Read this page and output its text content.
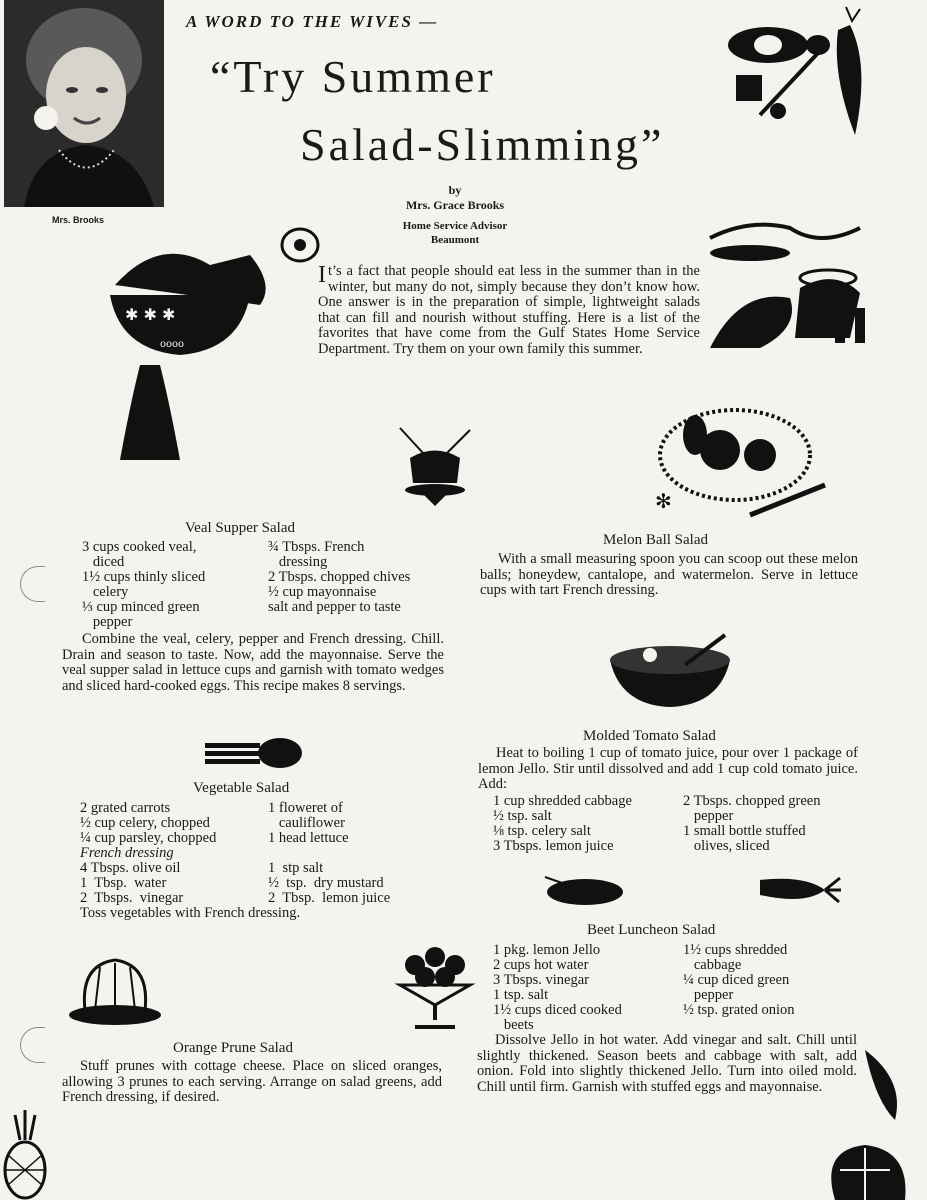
A WORD TO THE WIVES —
“Try Summer
Salad-Slimming”
by
Mrs. Grace Brooks
Home Service Advisor
Beaumont
Mrs. Brooks
✱ ✱ ✱
oooo
✻
It’s a fact that people should eat less in the summer than in the winter, but many do not, simply because they don’t know how. One answer is in the preparation of simple, lightweight salads that can fill and nourish without stuffing. Here is a list of the favorites that have come from the Gulf States Home Service Department. Try them on your own family this summer.
Veal Supper Salad
3 cups cooked veal,
diced
1½ cups thinly sliced
celery
⅓ cup minced green
pepper
¾ Tbsps. French
dressing
2 Tbsps. chopped chives
½ cup mayonnaise
salt and pepper to taste
Combine the veal, celery, pepper and French dressing. Chill. Drain and season to taste. Now, add the mayonnaise. Serve the veal supper salad in lettuce cups and garnish with tomato wedges and sliced hard-cooked eggs. This recipe makes 8 servings.
Melon Ball Salad
With a small measuring spoon you can scoop out these melon balls; honeydew, cantalope, and watermelon. Serve in lettuce cups with tart French dressing.
Vegetable Salad
2 grated carrots
½ cup celery, chopped
¼ cup parsley, chopped
1 floweret of
cauliflower
1 head lettuce
French dressing
4 Tbsps. olive oil
1  Tbsp.  water
2  Tbsps.  vinegar
1  stp salt
½  tsp.  dry mustard
2  Tbsp.  lemon juice
Toss vegetables with French dressing.
Molded Tomato Salad
Heat to boiling 1 cup of tomato juice, pour over 1 package of lemon Jello. Stir until dissolved and add 1 cup cold tomato juice. Add:
1 cup shredded cabbage
½ tsp. salt
⅛ tsp. celery salt
3 Tbsps. lemon juice
2 Tbsps. chopped green
pepper
1 small bottle stuffed
olives, sliced
Beet Luncheon Salad
1 pkg. lemon Jello
2 cups hot water
3 Tbsps. vinegar
1 tsp. salt
1½ cups diced cooked
beets
1½ cups shredded
cabbage
¼ cup diced green
pepper
½ tsp. grated onion
Dissolve Jello in hot water. Add vinegar and salt. Chill until slightly thickened. Season beets and cabbage with salt, add onion. Fold into slightly thickened Jello. Turn into oiled mold. Chill until firm. Garnish with stuffed eggs and mayonnaise.
Orange Prune Salad
Stuff prunes with cottage cheese. Place on sliced oranges, allowing 3 prunes to each serving. Arrange on salad greens, add French dressing, if desired.
